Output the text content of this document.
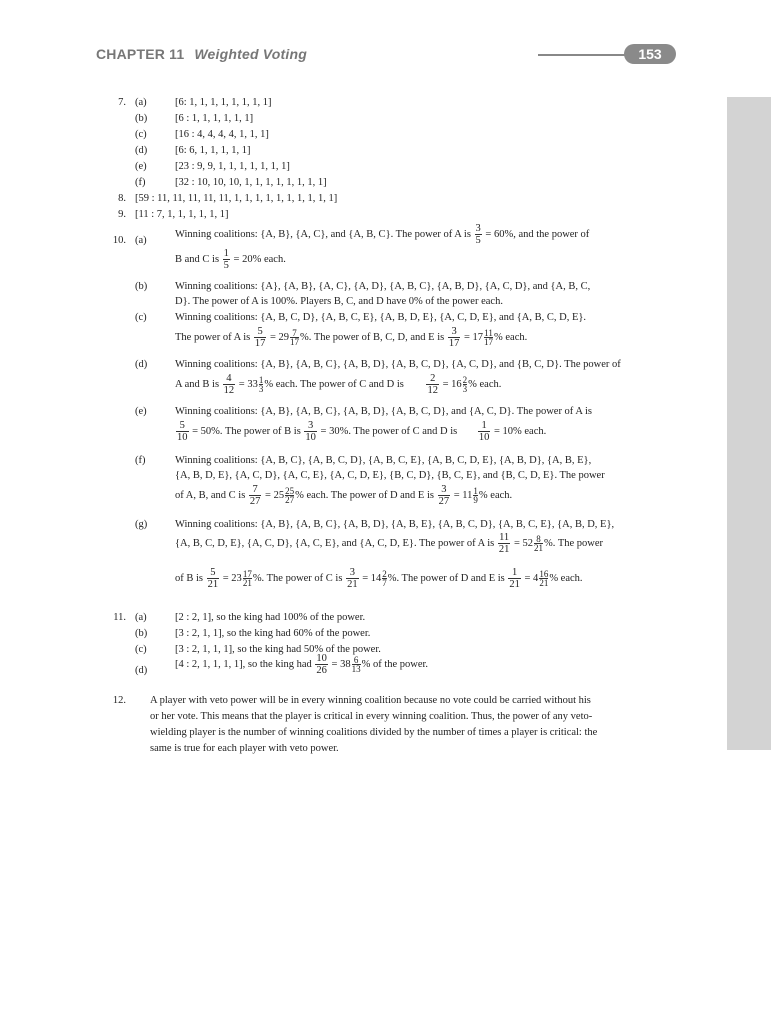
CHAPTER 11 Weighted Voting	153
7. (a)	[6: 1, 1, 1, 1, 1, 1, 1, 1]
(b)	[6 : 1, 1, 1, 1, 1, 1]
(c)	[16 : 4, 4, 4, 4, 1, 1, 1]
(d)	[6: 6, 1, 1, 1, 1, 1]
(e)	[23 : 9, 9, 1, 1, 1, 1, 1, 1, 1]
(f)	[32 : 10, 10, 10, 1, 1, 1, 1, 1, 1, 1, 1]
8. [59 : 11, 11, 11, 11, 11, 1, 1, 1, 1, 1, 1, 1, 1, 1, 1]
9. [11 : 7, 1, 1, 1, 1, 1, 1]
10. (a)
Winning coalitions: {A, B}, {A, C}, and {A, B, C}. The power of A is $\frac{3}{5} = 60\%$, and the power of
B and C is $\frac{1}{5} = 20\%$ each.
(b)	Winning coalitions: {A}, {A, B}, {A, C}, {A, D}, {A, B, C}, {A, B, D}, {A, C, D}, and {A, B, C,
D}. The power of A is 100%. Players B, C, and D have 0% of the power each.
(c)	Winning coalitions: {A, B, C, D}, {A, B, C, E}, {A, B, D, E}, {A, C, D, E}, and {A, B, C, D, E}.
The power of A is $\frac{5}{17} = 29 \frac{7}{17}$ %. The power of B, C, D, and E is $\frac{3}{17} = 17 \frac{11}{17}$ % each.
(d)	Winning coalitions: {A, B}, {A, B, C}, {A, B, D}, {A, B, C, D}, {A, C, D}, and {B, C, D}. The power of
A and B is $\frac{4}{12} = 33 \frac{1}{3}$ % each. The power of C and D is $\frac{2}{12} = 16 \frac{2}{3}$ % each.
(e)	Winning coalitions: {A, B}, {A, B, C}, {A, B, D}, {A, B, C, D}, and {A, C, D}. The power of A is
$\frac{5}{10} = 50\%$. The power of B is $\frac{3}{10} = 30\%$. The power of C and D is $\frac{1}{10} = 10\%$ each.
(f)	Winning coalitions: {A, B, C}, {A, B, C, D}, {A, B, C, E}, {A, B, C, D, E}, {A, B, D}, {A, B, E},
{A, B, D, E}, {A, C, D}, {A, C, E}, {A, C, D, E}, {B, C, D}, {B, C, E}, and {B, C, D, E}. The power
of A, B, and C is $\frac{7}{27} = 25 \frac{25}{27}$ % each. The power of D and E is $\frac{3}{27} = 11 \frac{1}{9}$ % each.
(g)	Winning coalitions: {A, B}, {A, B, C}, {A, B, D}, {A, B, E}, {A, B, C, D}, {A, B, C, E}, {A, B, D, E},
{A, B, C, D, E}, {A, C, D}, {A, C, E}, and {A, C, D, E}. The power of A is $\frac{11}{21} = 52 \frac{8}{21}$ %. The power
of B is $\frac{5}{21} = 23 \frac{17}{21}$ %. The power of C is $\frac{3}{21} = 14 \frac{2}{7}$ %. The power of D and E is $\frac{1}{21} = 4 \frac{16}{21}$ % each.
11. (a)	[2 : 2, 1], so the king had 100% of the power.
(b)	[3 : 2, 1, 1], so the king had 60% of the power.
(c)	[3 : 2, 1, 1, 1], so the king had 50% of the power.
(d)
[4 : 2, 1, 1, 1, 1], so the king had $\frac{10}{26} = 38 \frac{6}{13}$ % of the power.
12. A player with veto power will be in every winning coalition because no vote could be carried without his
or her vote. This means that the player is critical in every winning coalition. Thus, the power of any veto-
wielding player is the number of winning coalitions divided by the number of times a player is critical: the
same is true for each player with veto power.
